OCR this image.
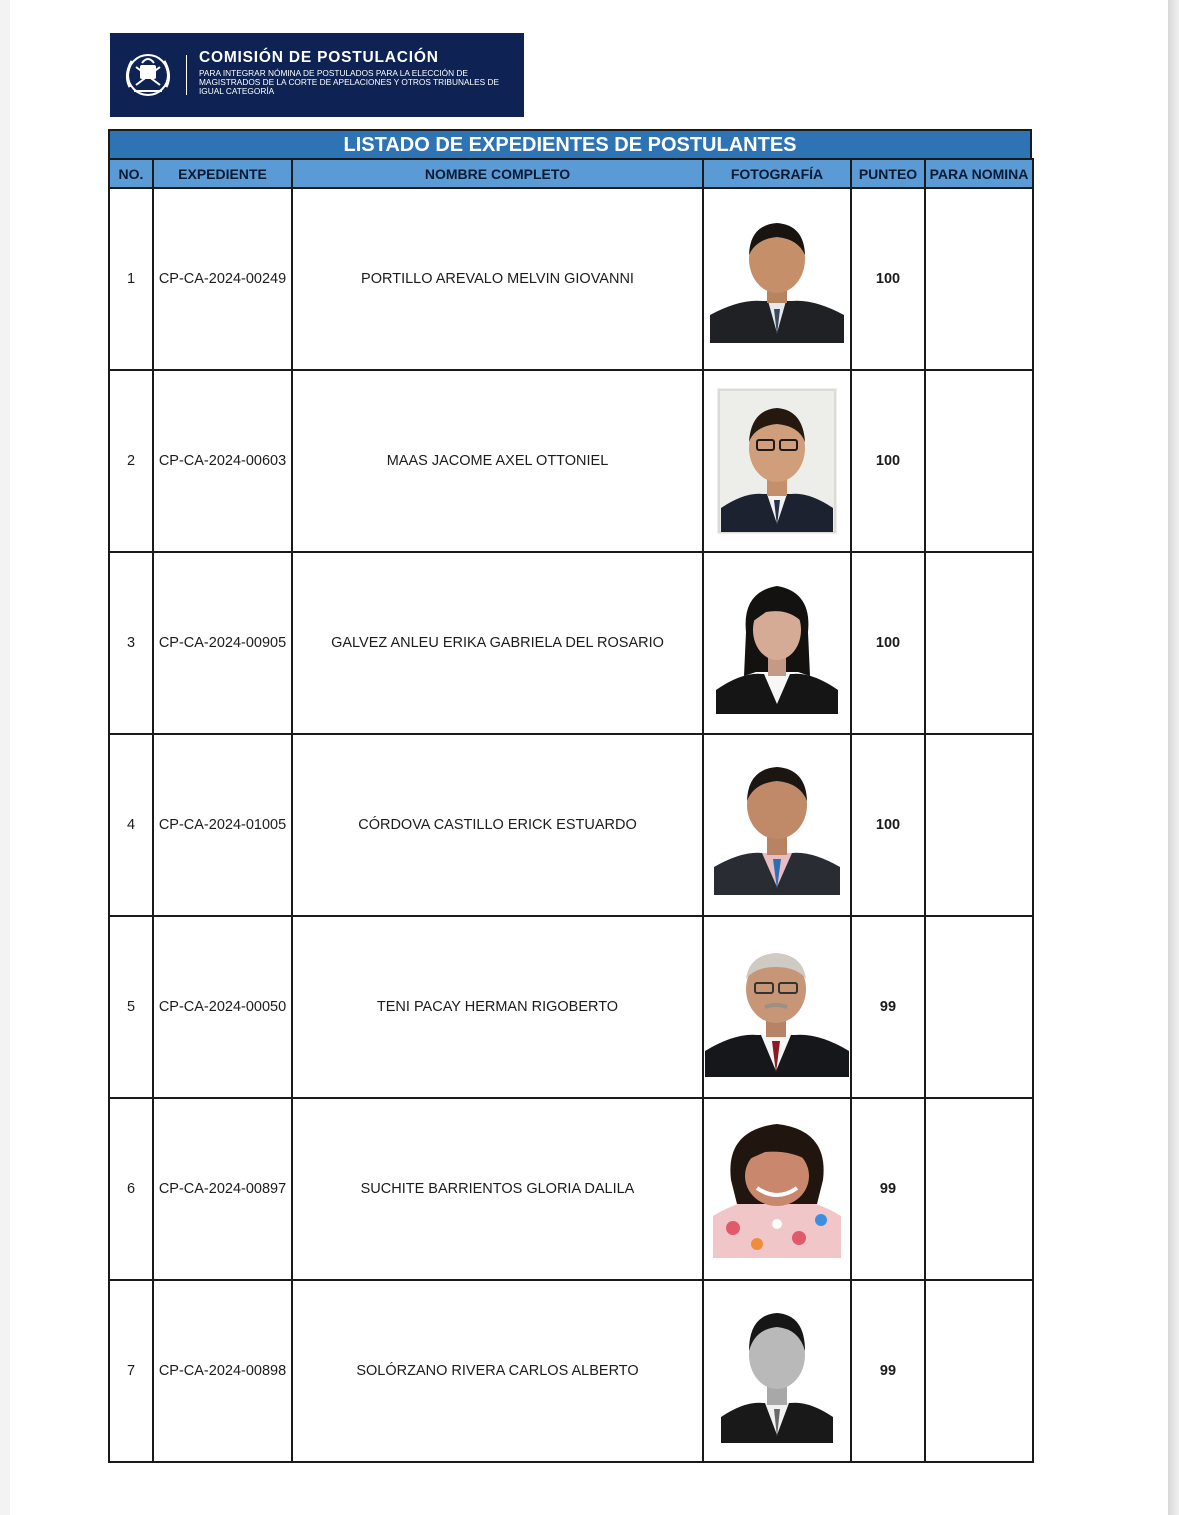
COMISIÓN DE POSTULACIÓN
PARA INTEGRAR NÓMINA DE POSTULADOS PARA LA ELECCIÓN DE MAGISTRADOS DE LA CORTE DE APELACIONES Y OTROS TRIBUNALES DE IGUAL CATEGORÍA
LISTADO DE EXPEDIENTES DE POSTULANTES
NO.	EXPEDIENTE	NOMBRE COMPLETO	FOTOGRAFÍA	PUNTEO	PARA NOMINA
1	CP-CA-2024-00249	PORTILLO AREVALO MELVIN GIOVANNI		100	
2	CP-CA-2024-00603	MAAS JACOME AXEL OTTONIEL		100	
3	CP-CA-2024-00905	GALVEZ ANLEU ERIKA GABRIELA DEL ROSARIO		100	
4	CP-CA-2024-01005	CÓRDOVA CASTILLO ERICK ESTUARDO		100	
5	CP-CA-2024-00050	TENI PACAY HERMAN RIGOBERTO		99	
6	CP-CA-2024-00897	SUCHITE BARRIENTOS GLORIA DALILA		99	
7	CP-CA-2024-00898	SOLÓRZANO RIVERA CARLOS ALBERTO		99	
